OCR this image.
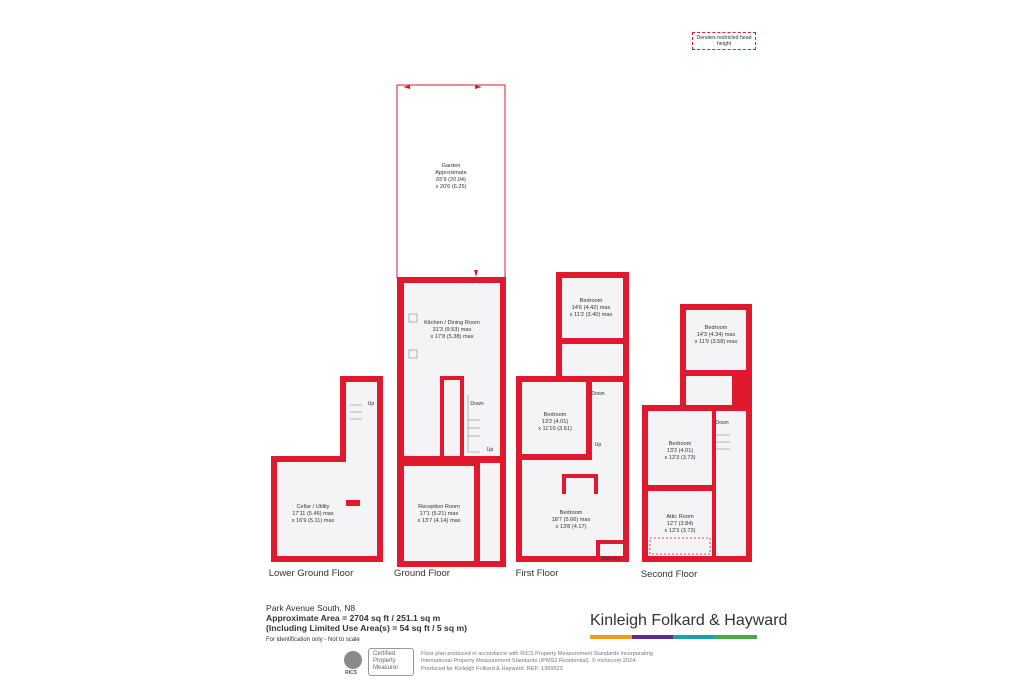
Garden
Approximate
65'9 (20.04)
x 20'6 (6.25)
Kitchen / Dining Room
31'3 (9.53) max
x 17'8 (5.38) max
Reception Room
17'1 (5.21) max
x 13'7 (4.14) max
Down
Up
Ground Floor
Up
Cellar / Utility
17'11 (5.46) max
x 16'9 (5.11) max
Lower Ground Floor
Bedroom
14'6 (4.42) max
x 11'2 (3.40) max
Bedroom
13'2 (4.01)
x 11'10 (3.61)
Bedroom
18'7 (5.66) max
x 13'8 (4.17)
Down
Up
Balcony
First Floor
Bedroom
14'3 (4.34) max
x 11'9 (3.58) max
Bedroom
13'2 (4.01)
x 12'3 (3.73)
Attic Room
12'7 (3.84)
x 12'3 (3.73)
Down
Second Floor
Denotes restricted head height
Park Avenue South, N8
Approximate Area = 2704 sq ft / 251.1 sq m
(Including Limited Use Area(s) = 54 sq ft / 5 sq m)
For identification only - Not to scale
Kinleigh Folkard & Hayward
RICS
Certified
Property
Measurer
Floor plan produced in accordance with RICS Property Measurement Standards incorporating
International Property Measurement Standards (IPMS2 Residential). © nichecom 2024.
Produced for Kinleigh Folkard & Hayward. REF: 1369623
